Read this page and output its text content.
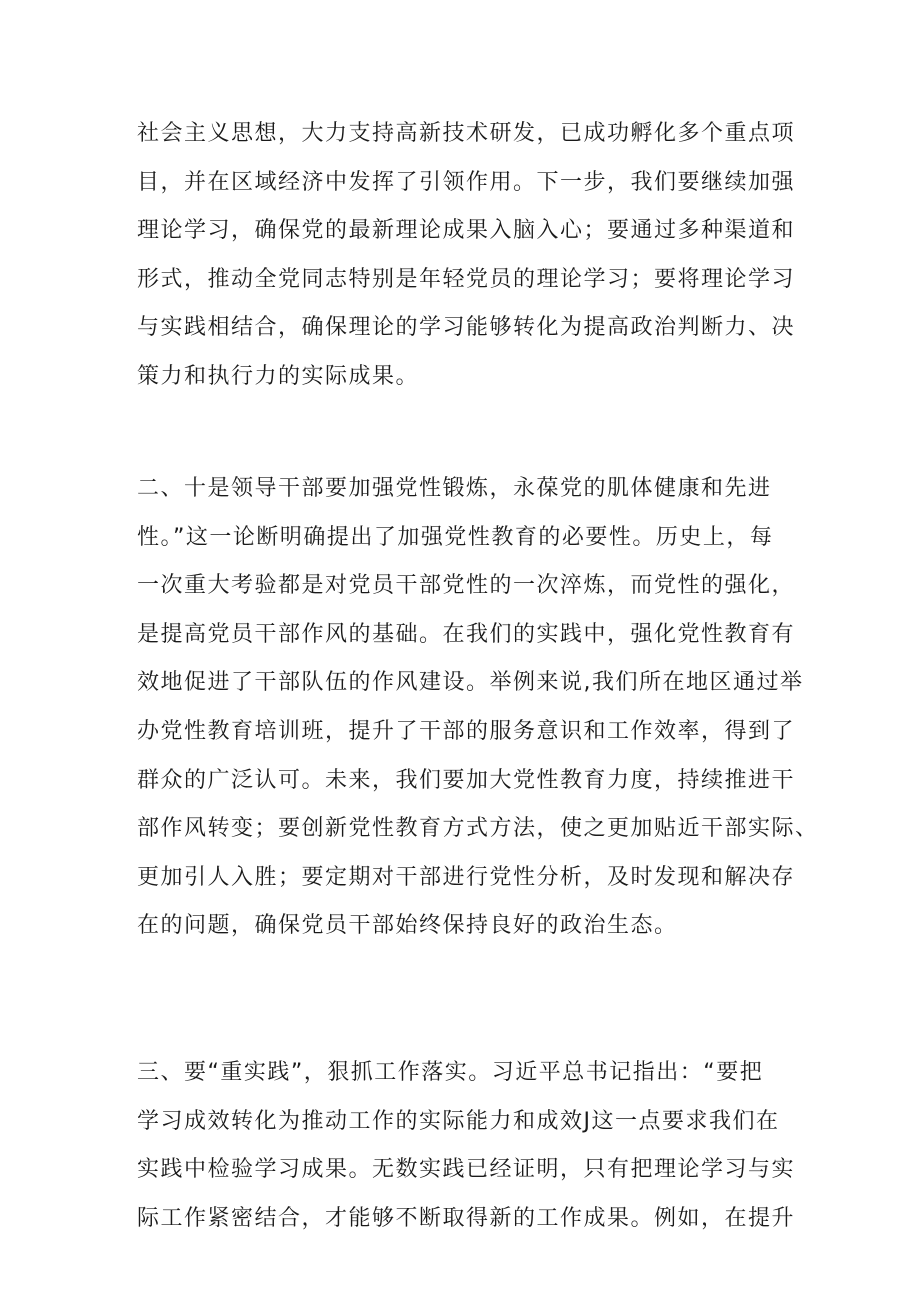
社会主义思想，大力支持高新技术研发，已成功孵化多个重点项
目，并在区域经济中发挥了引领作用。下一步，我们要继续加强
理论学习，确保党的最新理论成果入脑入心；要通过多种渠道和
形式，推动全党同志特别是年轻党员的理论学习；要将理论学习
与实践相结合，确保理论的学习能够转化为提高政治判断力、决
策力和执行力的实际成果。
二、十是领导干部要加强党性锻炼，永葆党的肌体健康和先进
性。”这一论断明确提出了加强党性教育的必要性。历史上，每
一次重大考验都是对党员干部党性的一次淬炼，而党性的强化，
是提高党员干部作风的基础。在我们的实践中，强化党性教育有
效地促进了干部队伍的作风建设。举例来说,我们所在地区通过举
办党性教育培训班，提升了干部的服务意识和工作效率，得到了
群众的广泛认可。未来，我们要加大党性教育力度，持续推进干
部作风转变；要创新党性教育方式方法，使之更加贴近干部实际、
更加引人入胜；要定期对干部进行党性分析，及时发现和解决存
在的问题，确保党员干部始终保持良好的政治生态。
三、要“重实践”，狠抓工作落实。习近平总书记指出：“要把
学习成效转化为推动工作的实际能力和成效J这一点要求我们在
实践中检验学习成果。无数实践已经证明，只有把理论学习与实
际工作紧密结合，才能够不断取得新的工作成果。例如，在提升
